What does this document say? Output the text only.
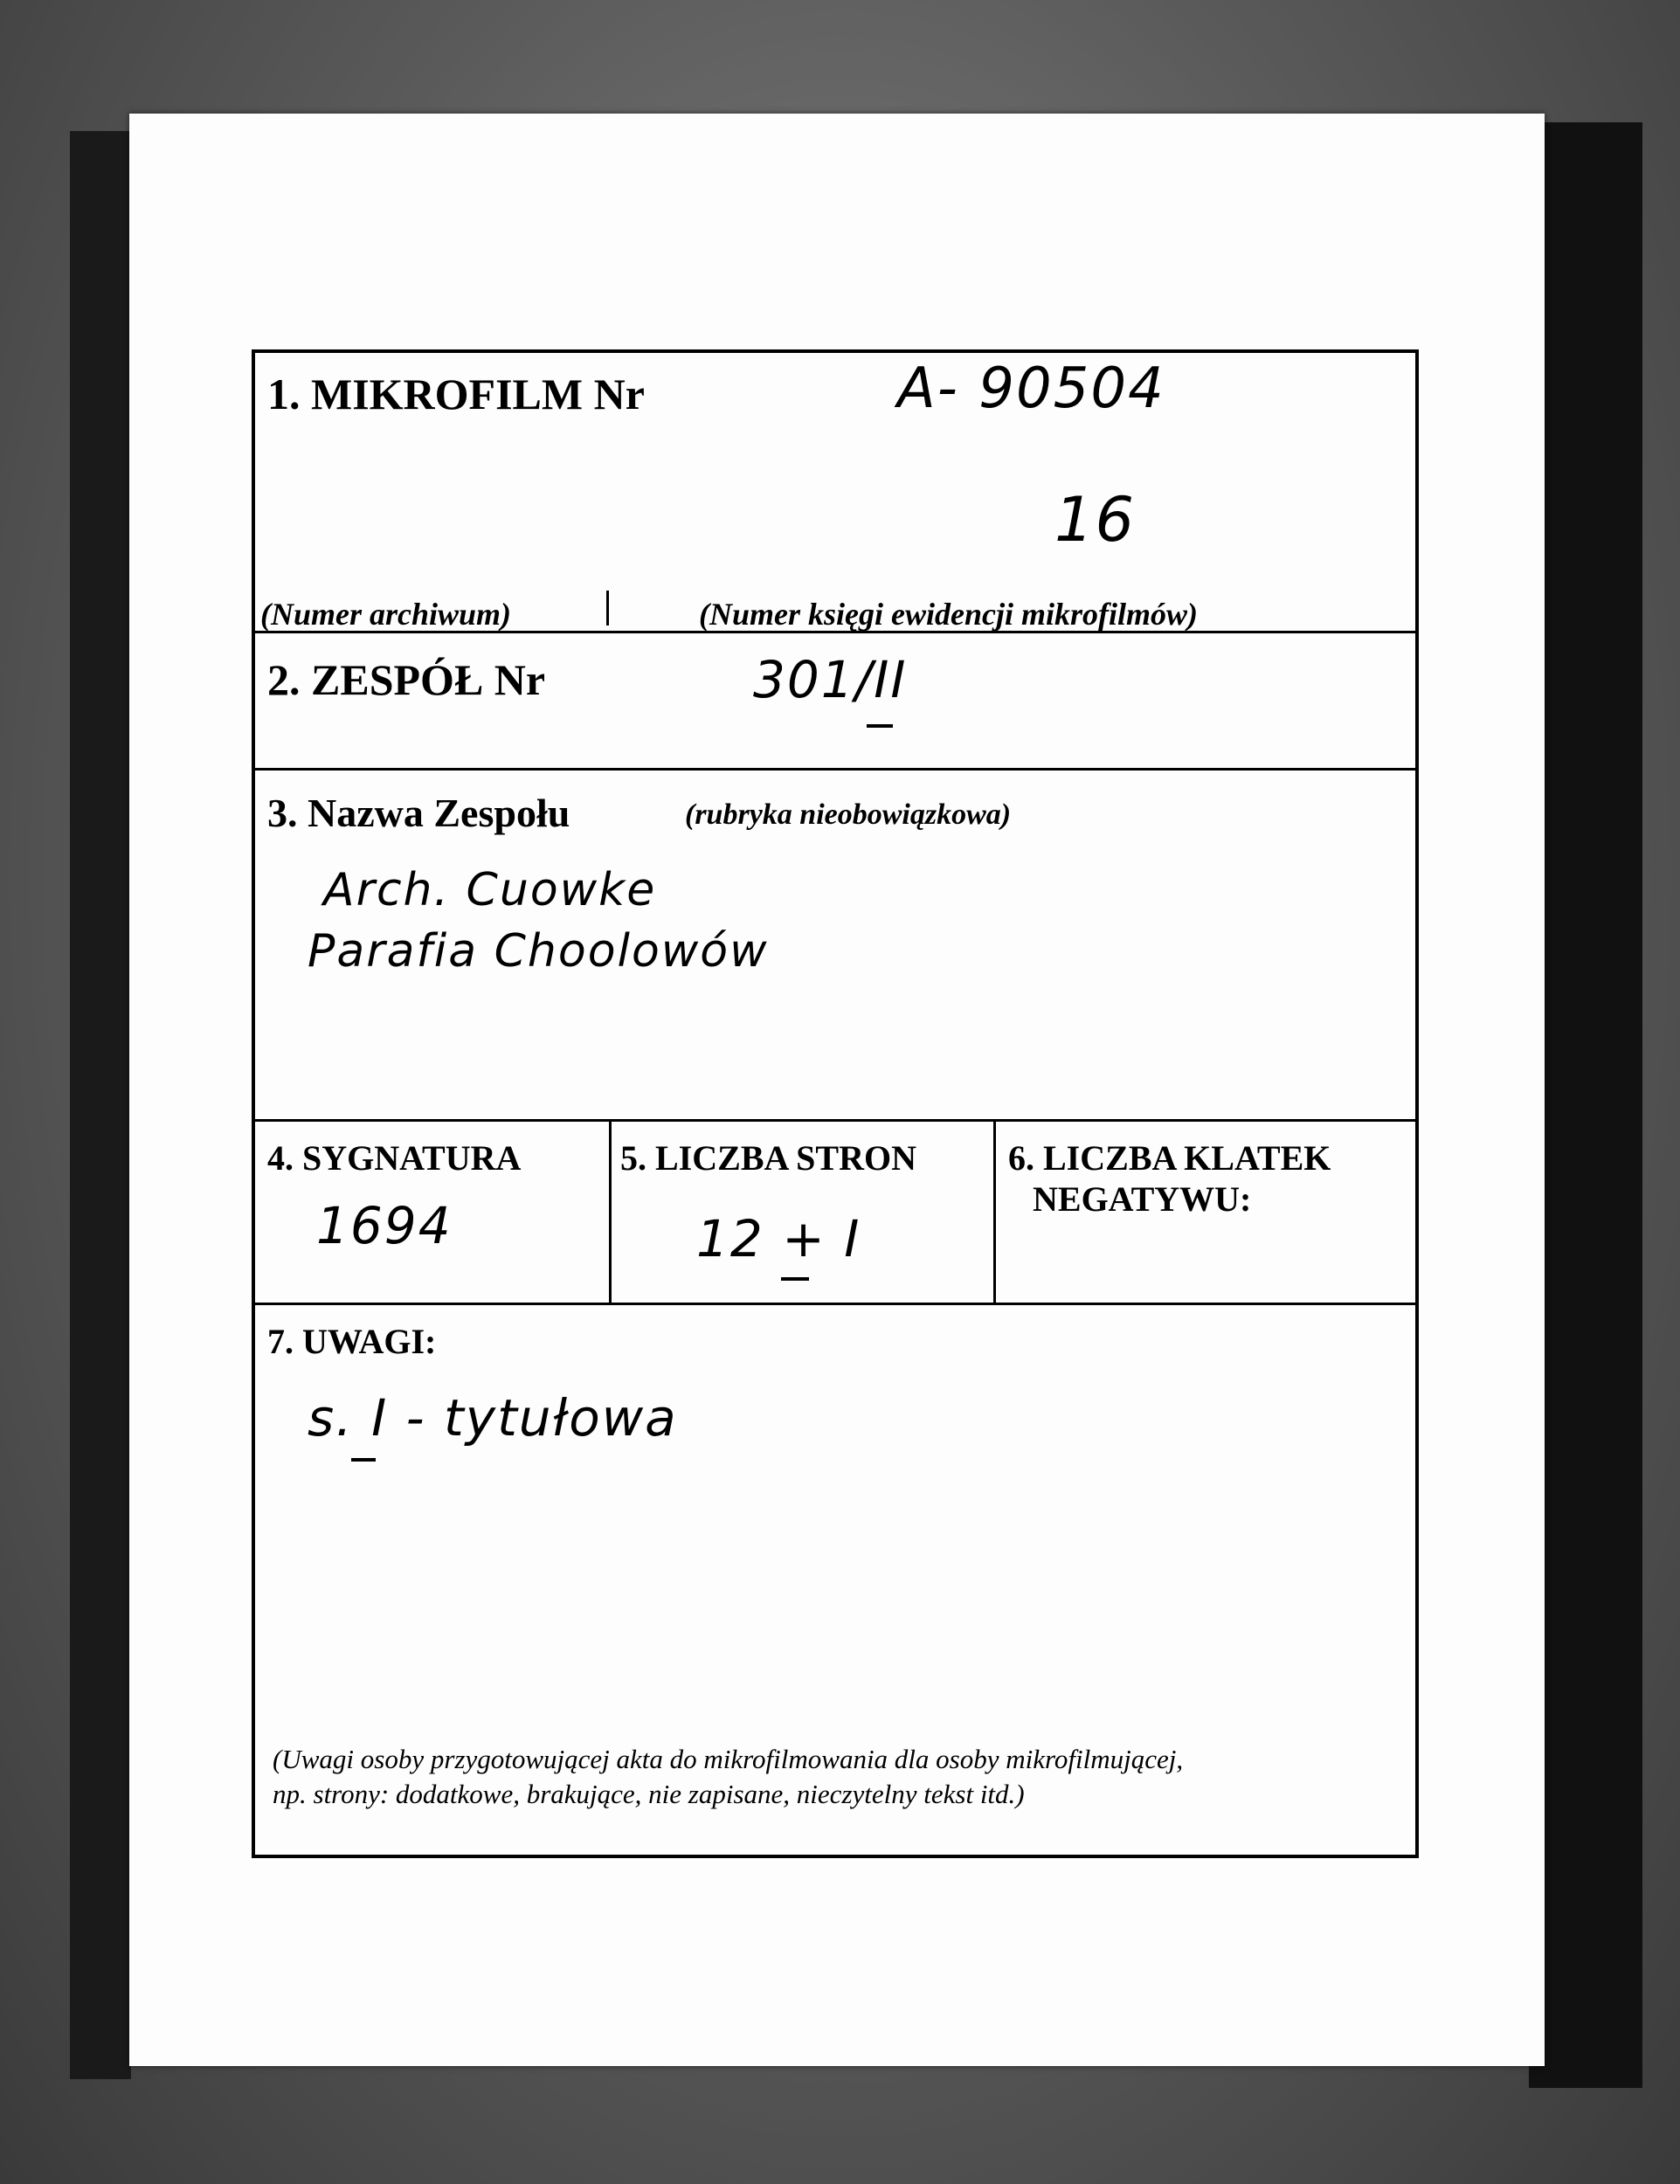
1. MIKROFILM Nr	A- 90504
16
(Numer archiwum)	(Numer księgi ewidencji mikrofilmów)
2. ZESPÓŁ Nr	301/II
3. Nazwa Zespołu	(rubryka nieobowiązkowa)
Arch. Cuowke
Parafia Choolowów
4. SYGNATURA
1694
5. LICZBA STRON
12 + I
6. LICZBA KLATEK
NEGATYWU:
7. UWAGI:
s. I - tytułowa
(Uwagi osoby przygotowującej akta do mikrofilmowania dla osoby mikrofilmującej,
np. strony: dodatkowe, brakujące, nie zapisane, nieczytelny tekst itd.)
